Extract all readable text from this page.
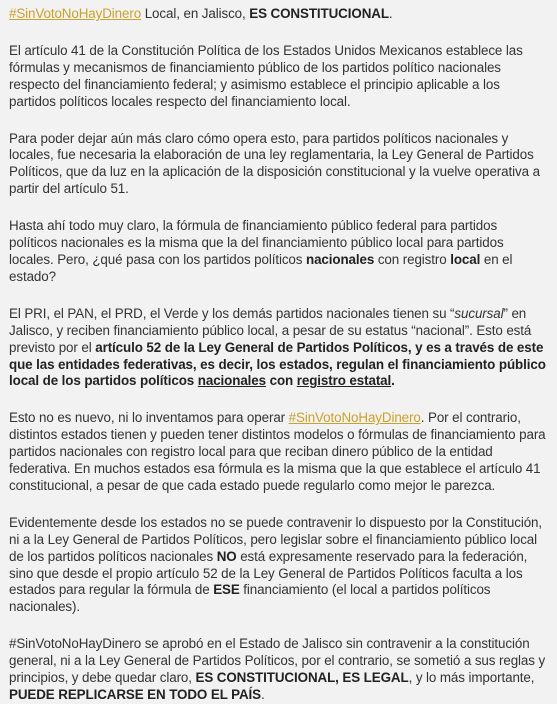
#SinVotoNoHayDinero Local, en Jalisco, ES CONSTITUCIONAL.

El artículo 41 de la Constitución Política de los Estados Unidos Mexicanos establece las fórmulas y mecanismos de financiamiento público de los partidos político nacionales respecto del financiamiento federal; y asimismo establece el principio aplicable a los partidos políticos locales respecto del financiamiento local.

Para poder dejar aún más claro cómo opera esto, para partidos políticos nacionales y locales, fue necesaria la elaboración de una ley reglamentaria, la Ley General de Partidos Políticos, que da luz en la aplicación de la disposición constitucional y la vuelve operativa a partir del artículo 51.

Hasta ahí todo muy claro, la fórmula de financiamiento público federal para partidos políticos nacionales es la misma que la del financiamiento público local para partidos locales. Pero, ¿qué pasa con los partidos políticos nacionales con registro local en el estado?

El PRI, el PAN, el PRD, el Verde y los demás partidos nacionales tienen su “sucursal” en Jalisco, y reciben financiamiento público local, a pesar de su estatus “nacional”. Esto está previsto por el artículo 52 de la Ley General de Partidos Políticos, y es a través de este que las entidades federativas, es decir, los estados, regulan el financiamiento público local de los partidos políticos nacionales con registro estatal.

Esto no es nuevo, ni lo inventamos para operar #SinVotoNoHayDinero. Por el contrario, distintos estados tienen y pueden tener distintos modelos o fórmulas de financiamiento para partidos nacionales con registro local para que reciban dinero público de la entidad federativa. En muchos estados esa fórmula es la misma que la que establece el artículo 41 constitucional, a pesar de que cada estado puede regularlo como mejor le parezca.

Evidentemente desde los estados no se puede contravenir lo dispuesto por la Constitución, ni a la Ley General de Partidos Políticos, pero legislar sobre el financiamiento público local de los partidos políticos nacionales NO está expresamente reservado para la federación, sino que desde el propio artículo 52 de la Ley General de Partidos Políticos faculta a los estados para regular la fórmula de ESE financiamiento (el local a partidos políticos nacionales).

#SinVotoNoHayDinero se aprobó en el Estado de Jalisco sin contravenir a la constitución general, ni a la Ley General de Partidos Políticos, por el contrario, se sometió a sus reglas y principios, y debe quedar claro, ES CONSTITUCIONAL, ES LEGAL, y lo más importante, PUEDE REPLICARSE EN TODO EL PAÍS.
